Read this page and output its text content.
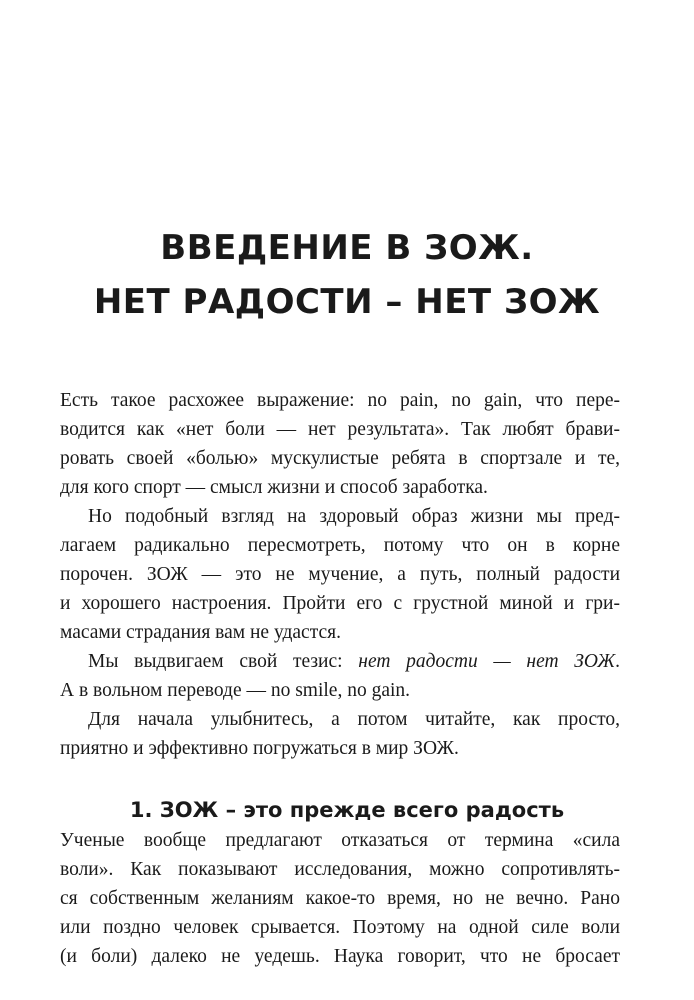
ВВЕДЕНИЕ В ЗОЖ.
НЕТ РАДОСТИ – НЕТ ЗОЖ
Есть такое расхожее выражение: no pain, no gain, что пере-
водится как «нет боли — нет результата». Так любят брави-
ровать своей «болью» мускулистые ребята в спортзале и те,
для кого спорт — смысл жизни и способ заработка.
Но подобный взгляд на здоровый образ жизни мы пред-
лагаем радикально пересмотреть, потому что он в корне
порочен. ЗОЖ — это не мучение, а путь, полный радости
и хорошего настроения. Пройти его с грустной миной и гри-
масами страдания вам не удастся.
Мы выдвигаем свой тезис: нет радости — нет ЗОЖ.
А в вольном переводе — no smile, no gain.
Для начала улыбнитесь, а потом читайте, как просто,
приятно и эффективно погружаться в мир ЗОЖ.
1. ЗОЖ – это прежде всего радость
Ученые вообще предлагают отказаться от термина «сила
воли». Как показывают исследования, можно сопротивлять-
ся собственным желаниям какое-то время, но не вечно. Рано
или поздно человек срывается. Поэтому на одной силе воли
(и боли) далеко не уедешь. Наука говорит, что не бросает
